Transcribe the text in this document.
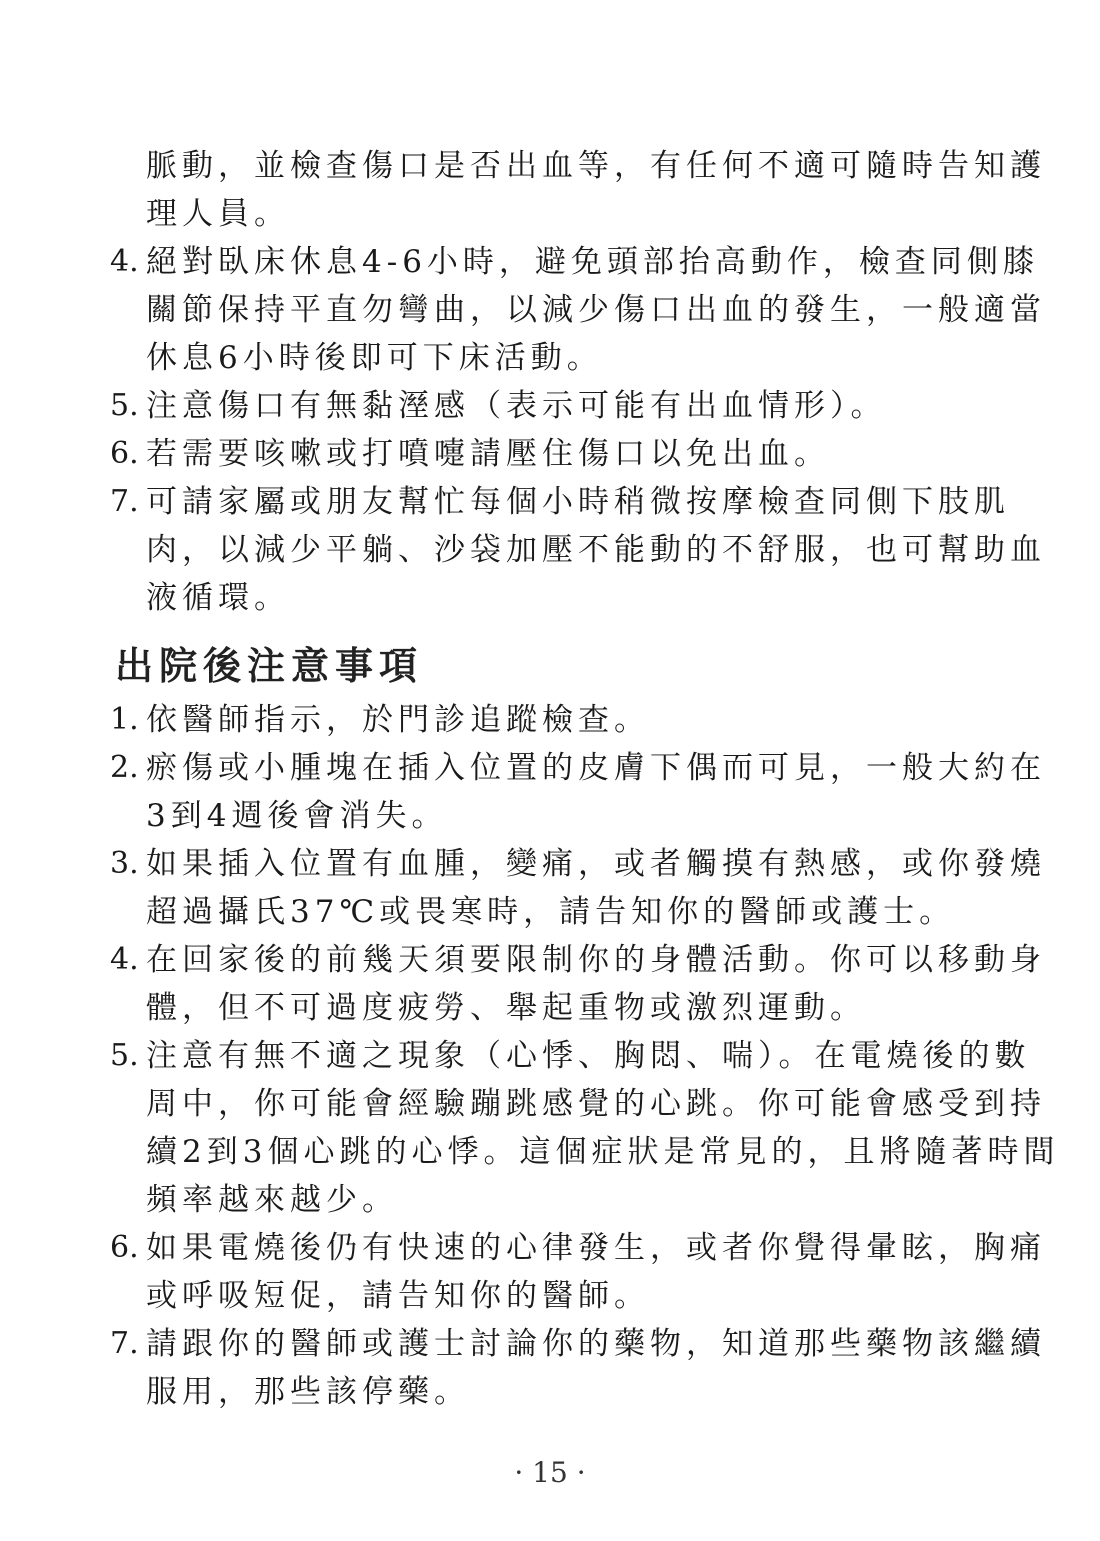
脈動，並檢查傷口是否出血等，有任何不適可隨時告知護
理人員。
4. 絕對臥床休息4-6小時，避免頭部抬高動作，檢查同側膝
關節保持平直勿彎曲，以減少傷口出血的發生，一般適當
休息6小時後即可下床活動。
5. 注意傷口有無黏溼感（表示可能有出血情形）。
6. 若需要咳嗽或打噴嚏請壓住傷口以免出血。
7. 可請家屬或朋友幫忙每個小時稍微按摩檢查同側下肢肌
肉，以減少平躺、沙袋加壓不能動的不舒服，也可幫助血
液循環。
出院後注意事項
1. 依醫師指示，於門診追蹤檢查。
2. 瘀傷或小腫塊在插入位置的皮膚下偶而可見，一般大約在
3到4週後會消失。
3. 如果插入位置有血腫，變痛，或者觸摸有熱感，或你發燒
超過攝氏37℃或畏寒時，請告知你的醫師或護士。
4. 在回家後的前幾天須要限制你的身體活動。你可以移動身
體，但不可過度疲勞、舉起重物或激烈運動。
5. 注意有無不適之現象（心悸、胸悶、喘）。在電燒後的數
周中，你可能會經驗蹦跳感覺的心跳。你可能會感受到持
續2到3個心跳的心悸。這個症狀是常見的，且將隨著時間
頻率越來越少。
6. 如果電燒後仍有快速的心律發生，或者你覺得暈眩，胸痛
或呼吸短促，請告知你的醫師。
7. 請跟你的醫師或護士討論你的藥物，知道那些藥物該繼續
服用，那些該停藥。
· 15 ·
